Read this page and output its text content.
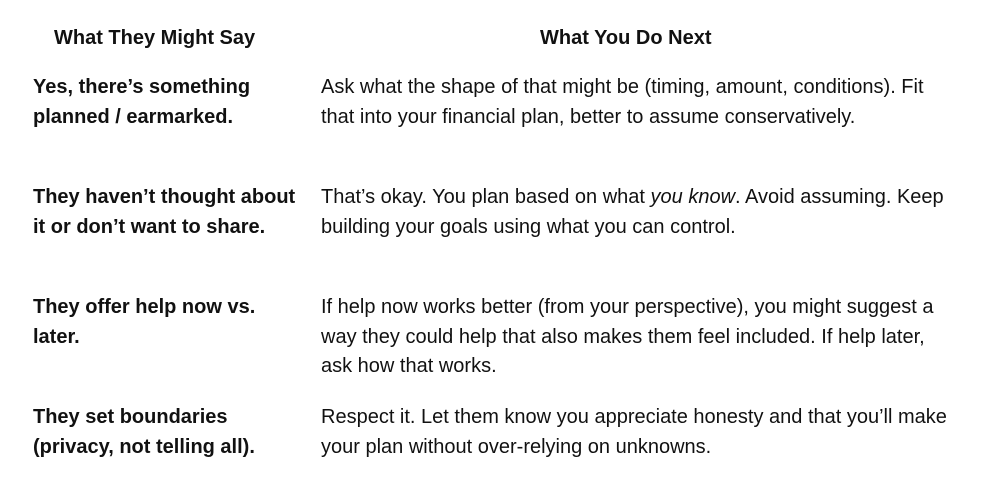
What They Might Say	What You Do Next
Yes, there’s something planned / earmarked.
Ask what the shape of that might be (timing, amount, conditions). Fit that into your financial plan, better to assume conservatively.
They haven’t thought about it or don’t want to share.
That’s okay. You plan based on what you know. Avoid assuming. Keep building your goals using what you can control.
They offer help now vs. later.
If help now works better (from your perspective), you might suggest a way they could help that also makes them feel included. If help later, ask how that works.
They set boundaries (privacy, not telling all).
Respect it. Let them know you appreciate honesty and that you’ll make your plan without over-relying on unknowns.
